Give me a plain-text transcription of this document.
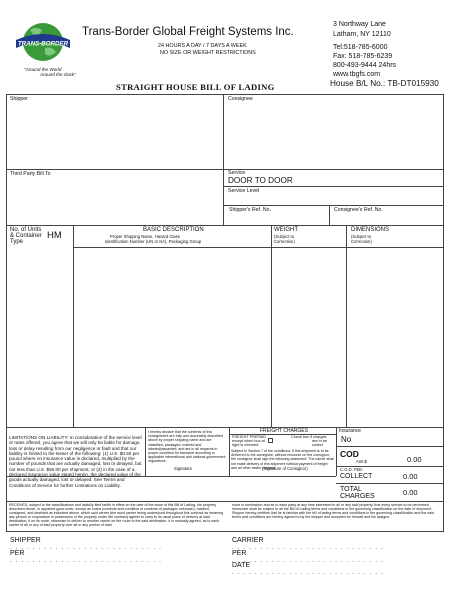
TRANS-BORDER
"Around the World
Around the clock"
Trans-Border Global Freight Systems Inc.
24 HOURS A DAY / 7 DAYS A WEEK
NO SIZE OR WEIGHT RESTRICTIONS
3 Northway Lane
Latham, NY 12110
Tel:518-785-6000
Fax: 518-785-6239
800-493-9444 24hrs
www.tbgfs.com
House B/L No.: TB-DT015930
STRAIGHT HOUSE BILL OF LADING
Shipper	Consignee
Third Party Bill To	Service
DOOR TO DOOR
Service Level
Shipper's Ref. No.	Consignee's Ref. No.
No. of Units
& Container
Type
HM	BASIC DESCRIPTION
Proper Shipping Name, Hazard Class
Identification Number (UN or NA), Packaging Group
WEIGHT
(Subject to
Correction)
DIMENSIONS
(Subject to
Correction)
LIMITATIONS ON LIABILITY: In consideration of the service level or rates offered, you agree that we will only be liable for damage, loss or delay resulting from our negligence or fault and that our liability is limited to the lesser of the following: (1) U.S. $0.50 per pound where no insurance value is declared, multiplied by the number of pounds that are actually damaged, lost or delayed, but not less than U.S. $50.00 per shipment; or (2) in the case of a declared insurance value stated herein, the declared value of the goods actually damaged, lost or delayed. See Terms and Conditions of Service for further Limitations on Liability.
I hereby declare that the contents of this consignment are fully and accurately described above by proper shipping name and are classified, packaged, marked and labeled/placarded, and are in all respects in proper condition for transport according to applicable international and national government regulations.
Signature
FREIGHT CHARGES
FREIGHT PREPAID
except when box at
right is checked
Check box if charges
are to be
collect
Subject to Section 7 of the conditions, if this shipment is to be delivered to the consignee, without recourse on the consignor, the consignor shall sign the following statement: The carrier shall not make delivery of this shipment without payment of freight and all other lawful charges.
(Signature of Consignor)
Insurance
No
COD
Amt:$	0.00
C.O.D. FEE:
COLLECT	0.00
TOTAL
CHARGES	0.00
RECEIVED, subject to the classifications and lawfully filed tariffs in effect on the date of the issue of this Bill of Lading, the property described above, in apparent good order, except as noted (contents and condition of contents of packages unknown), marked, consigned, and destined as indicated above, which said carrier (the word carrier being understood throughout this contract as meaning any person or corporation in possession of the property under the contract) agrees to carry to its usual place of delivery at said destination, if on its route, otherwise to deliver to another carrier on the route to the said destination. It is mutually agreed, as to each carrier of all or any of said property over all or any portion of said
route to destination and as to each party at any time interested in all or any said property, that every service to be performed hereunder shall be subject to all the Bill of Lading terms and conditions in the governing classification on the date of shipment. Shipper hereby certifies that he is familiar with the bill of lading terms and conditions in the governing classification and the said terms and conditions are hereby agreed to by the shipper and accepted for himself and his assigns.
SHIPPER
. . . . . . . . . . . . . . . . . . . . . . . . . . .
PER
. . . . . . . . . . . . . . . . . . . . . . . . . . .
CARRIER
. . . . . . . . . . . . . . . . . . . . . . . . . . .
PER
. . . . . . . . . . . . . . . . . . . . . . . . . . .
DATE
. . . . . . . . . . . . . . . . . . . . . . . . . . .
